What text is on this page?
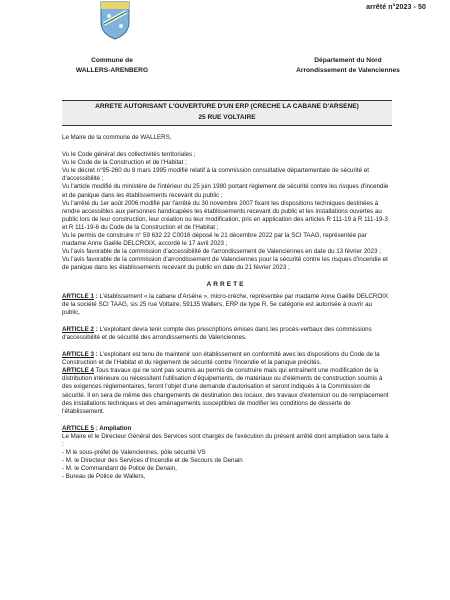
arrêté n°2023 - 50
Commune de
WALLERS-ARENBERG
Département du Nord
Arrondissement de Valenciennes
ARRETE AUTORISANT L'OUVERTURE D'UN ERP (CRECHE LA CABANE D'ARSENE)
25 RUE VOLTAIRE

Le Maire de la commune de WALLERS,

Vu le Code général des collectivités territoriales ;

Vu le Code de la Construction et de l'Habitat ;

Vu le décret n°95-260 du 8 mars 1995 modifié relatif à la commission consultative départementale de sécurité et d'accessibilité ;

Vu l'article modifié du ministère de l'intérieur du 25 juin 1980 portant règlement de sécurité contre les risques d'incendie et de panique dans les établissements recevant du public ;

Vu l'arrêté du 1er août 2006 modifié par l'arrêté du 30 novembre 2007 fixant les dispositions techniques destinées à rendre accessibles aux personnes handicapées les établissements recevant du public et les installations ouvertes au public lors de leur construction, leur création ou leur modification, pris en application des articles R 111-19 à R 111-19-3 et R 111-19-6 du Code de la Construction et de l'Habitat ;

Vu le permis de construire n° 59 632 22 C0016 déposé le 21 décembre 2022 par la SCI TAAG, représentée par madame Anne Gaëlle DELCROIX, accordé le 17 avril 2023 ;

Vu l'avis favorable de la commission d'accessibilité de l'arrondissement de Valenciennes en date du 13 février 2023 ;

Vu l'avis favorable de la commission d'arrondissement de Valenciennes pour la sécurité contre les risques d'incendie et de panique dans les établissements recevant du public en date du 21 février 2023 ;

ARRETE

ARTICLE 1 : L'établissement « la cabane d'Arsène », micro-crèche, représentée par madame Anne Gaëlle DELCROIX de la société SCI TAAG, sis 25 rue Voltaire, 59135 Wallers, ERP de type R, 5e catégorie est autorisée à ouvrir au public,

ARTICLE 2 : L'exploitant devra tenir compte des prescriptions émises dans les procès-verbaux des commissions d'accessibilité et de sécurité des arrondissements de Valenciennes.

ARTICLE 3 : L'exploitant est tenu de maintenir son établissement en conformité avec les dispositions du Code de la Construction et de l'Habitat et du règlement de sécurité contre l'incendie et la panique précités.

ARTICLE 4 Tous travaux qui ne sont pas soumis au permis de construire mais qui entraînent une modification de la distribution intérieure ou nécessitent l'utilisation d'équipements, de matériaux ou d'éléments de construction soumis à des exigences réglementaires, feront l'objet d'une demande d'autorisation et seront indiqués à la Commission de sécurité. Il en sera de même des changements de destination des locaux, des travaux d'extension ou de remplacement des installations techniques et des aménagements susceptibles de modifier les conditions de desserte de l'établissement.

ARTICLE 5 : Ampliation

Le Maire et le Directeur Général des Services sont chargés de l'exécution du présent arrêté dont ampliation sera faite à :

- M le sous-préfet de Valenciennes, pôle sécurité VS

- M. le Directeur des Services d'Incendie et de Secours de Denain

- M. le Commandant de Police de Denain,

- Bureau de Police de Wallers,
